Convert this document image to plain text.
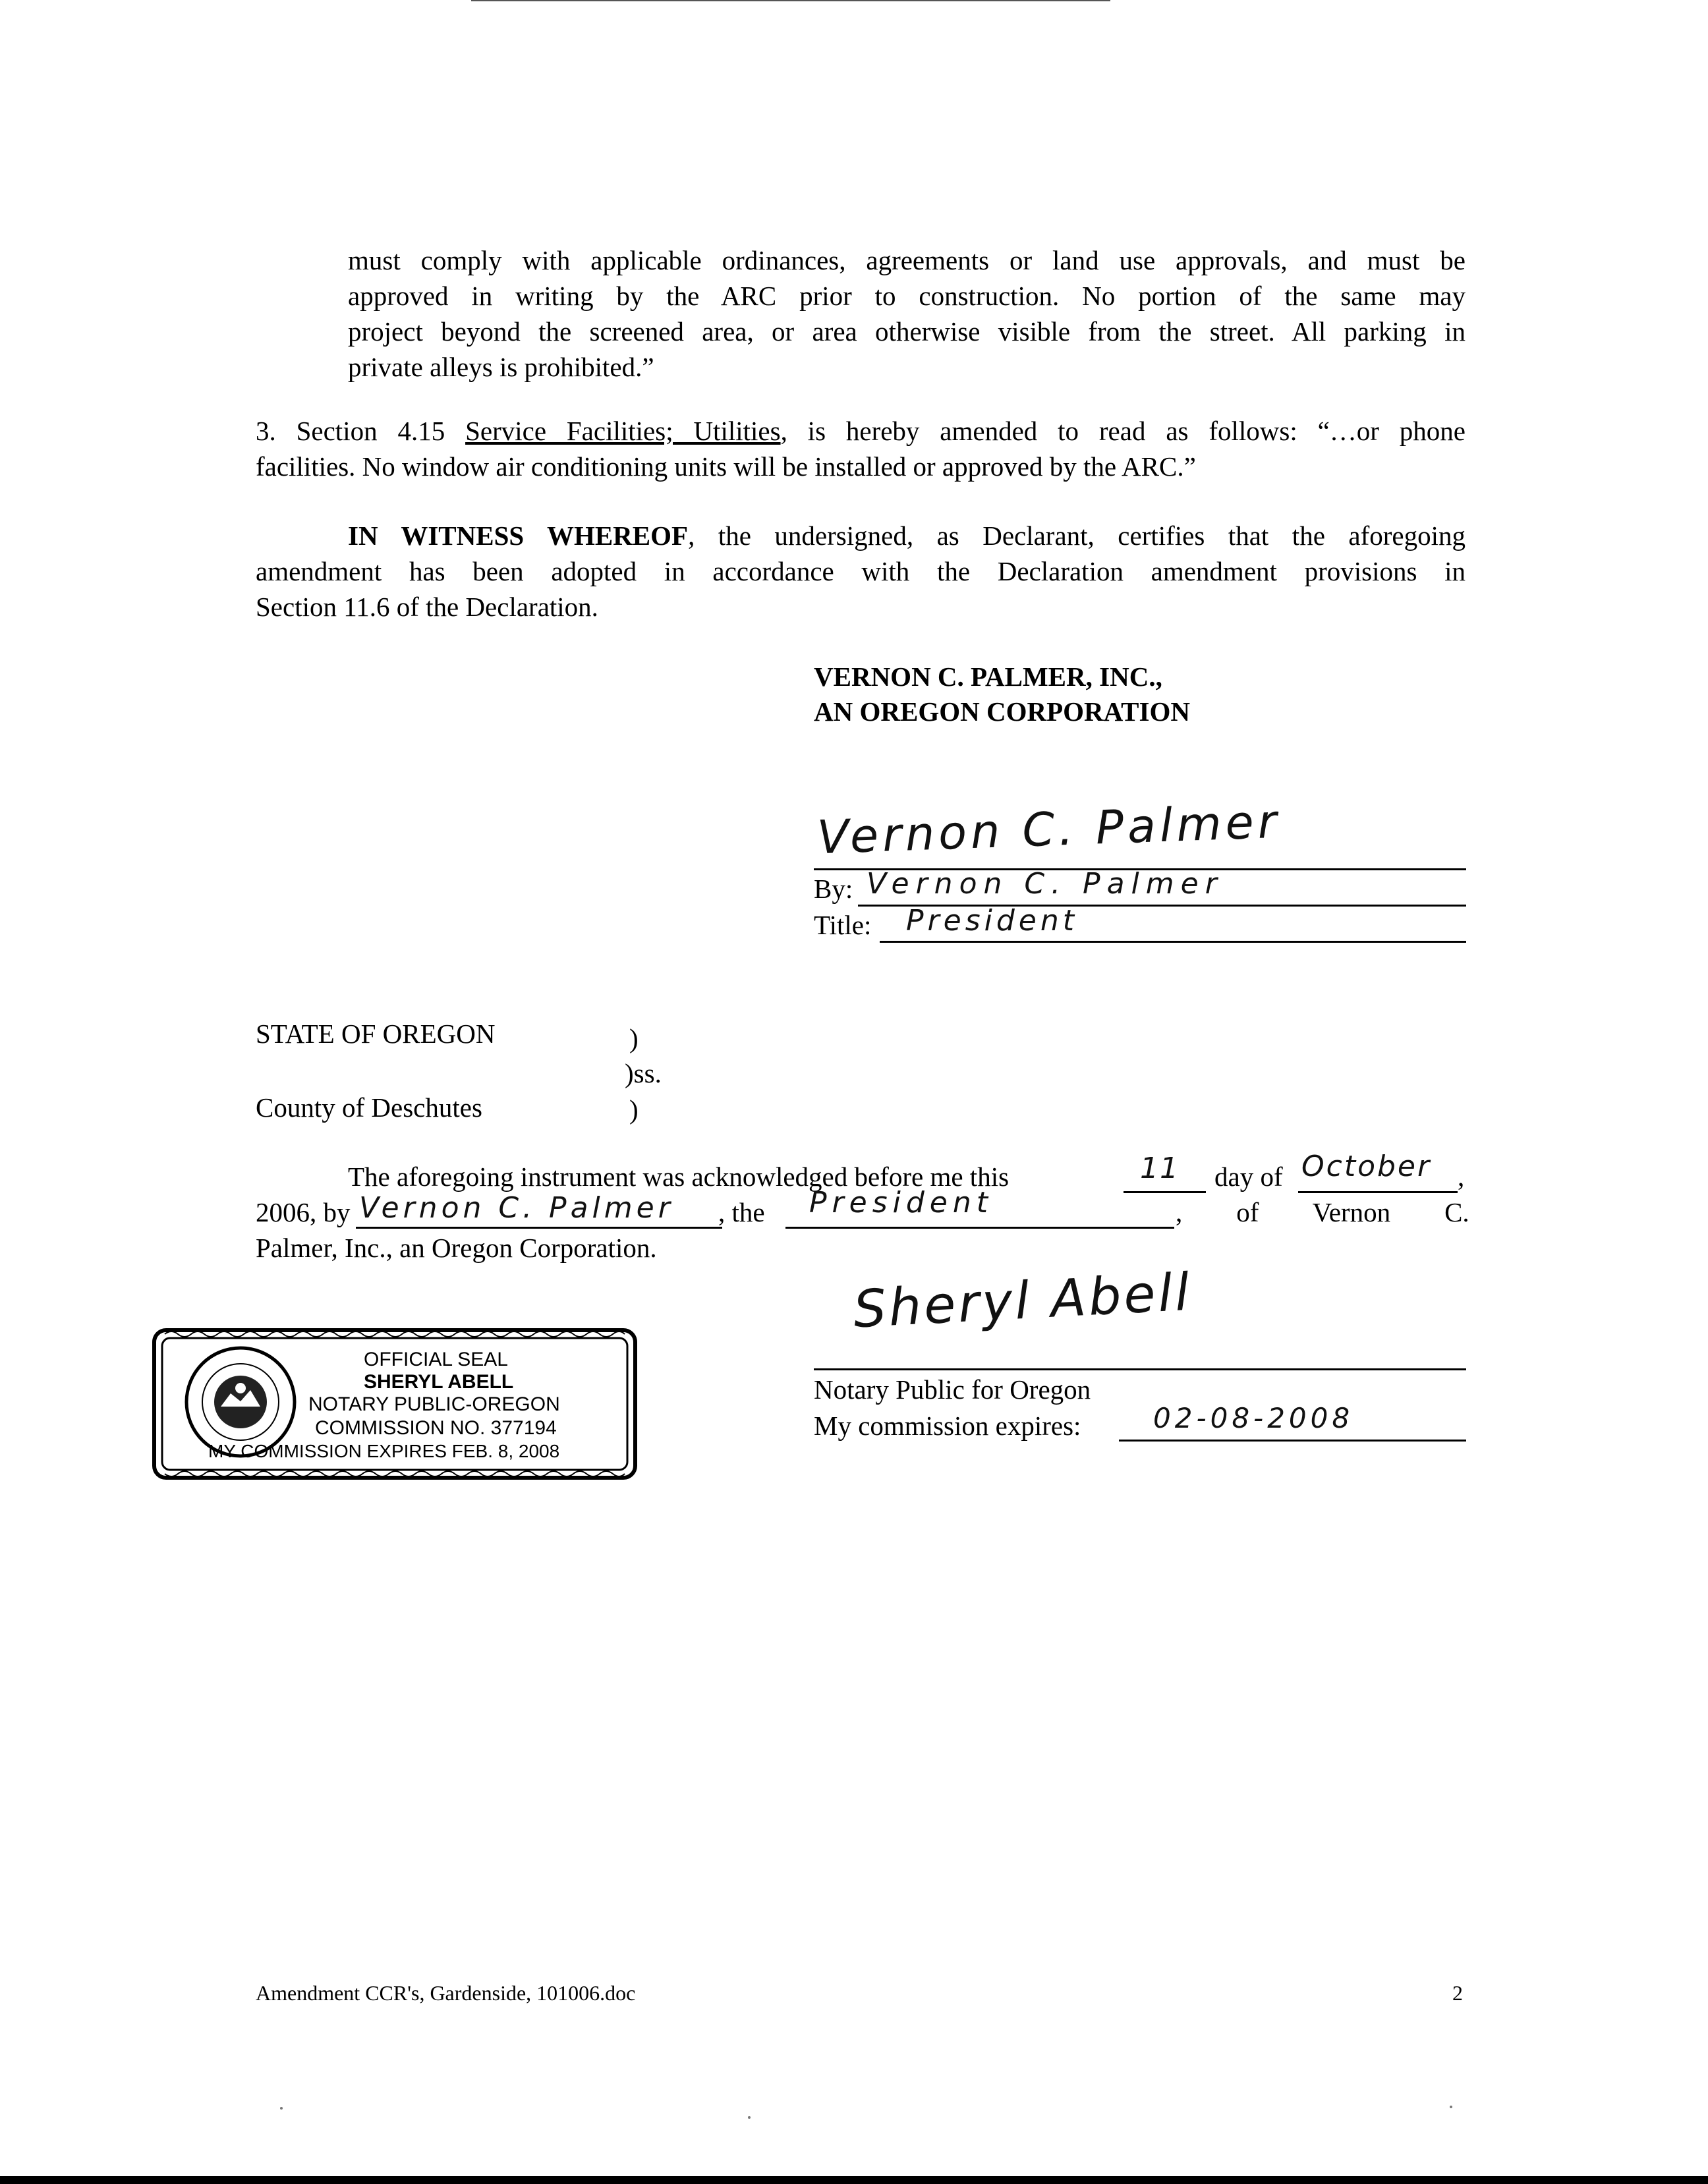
must comply with applicable ordinances, agreements or land use approvals, and must be
approved in writing by the ARC prior to construction. No portion of the same may
project beyond the screened area, or area otherwise visible from the street. All parking in
private alleys is prohibited.”
3. Section 4.15 Service Facilities; Utilities, is hereby amended to read as follows: “…or phone
facilities. No window air conditioning units will be installed or approved by the ARC.”
IN WITNESS WHEREOF, the undersigned, as Declarant, certifies that the aforegoing
amendment has been adopted in accordance with the Declaration amendment provisions in
Section 11.6 of the Declaration.
VERNON C. PALMER, INC.,
AN OREGON CORPORATION
Vernon C. Palmer
By: Vernon C. Palmer
Title: President
STATE OF OREGON	)
)ss.
County of Deschutes	)
The aforegoing instrument was acknowledged before me this	11 day of October ,
2006, by Vernon C. Palmer , the President	,        of        Vernon        C.
Palmer, Inc., an Oregon Corporation.
Sheryl Abell
Notary Public for Oregon
My commission expires:	02-08-2008
OFFICIAL SEAL
SHERYL ABELL
NOTARY PUBLIC-OREGON
COMMISSION NO. 377194
MY COMMISSION EXPIRES FEB. 8, 2008
Amendment CCR's, Gardenside, 101006.doc	2
